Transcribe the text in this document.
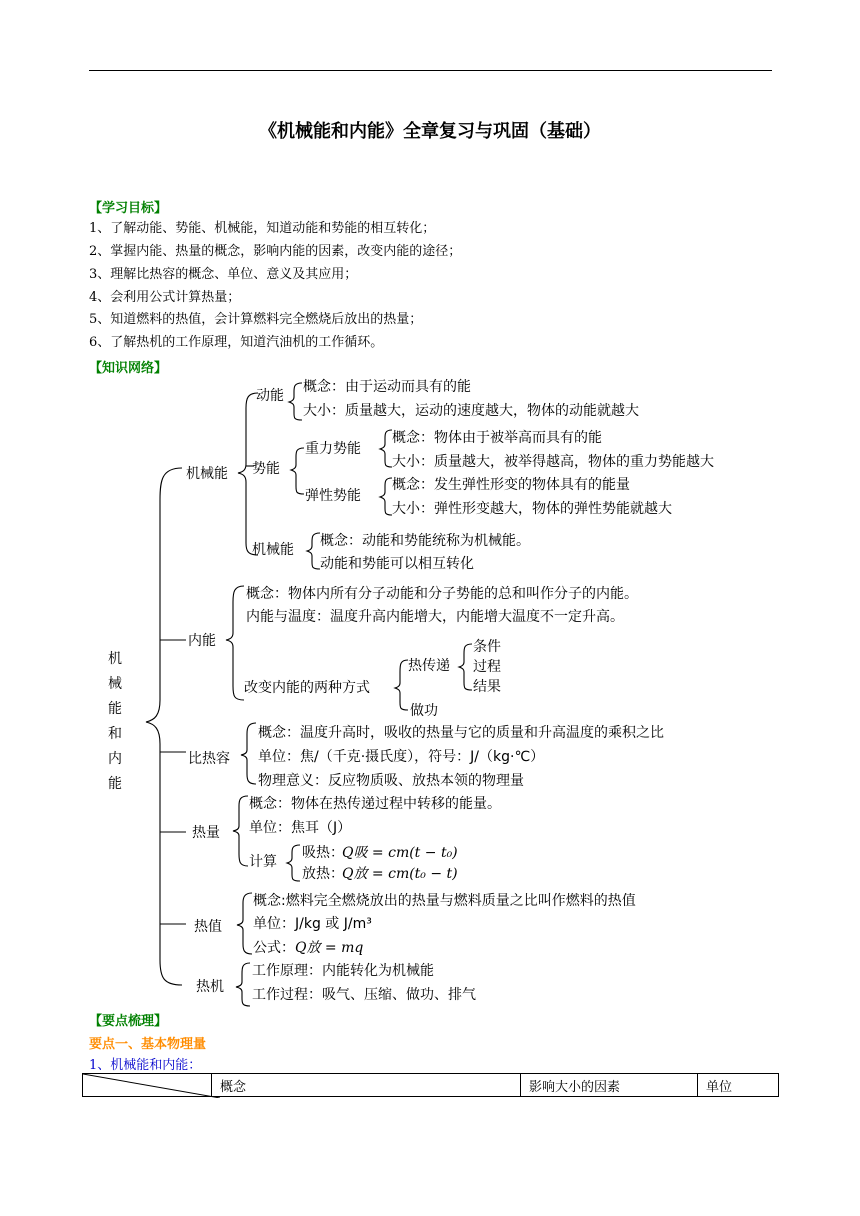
《机械能和内能》全章复习与巩固（基础）
【学习目标】
1、了解动能、势能、机械能，知道动能和势能的相互转化；
2、掌握内能、热量的概念，影响内能的因素，改变内能的途径；
3、理解比热容的概念、单位、意义及其应用；
4、会利用公式计算热量；
5、知道燃料的热值，会计算燃料完全燃烧后放出的热量；
6、了解热机的工作原理，知道汽油机的工作循环。
【知识网络】
机
械
能
和
内
能
机械能
动能
概念：由于运动而具有的能
大小：质量越大，运动的速度越大，物体的动能就越大
势能
重力势能
概念：物体由于被举高而具有的能
大小：质量越大，被举得越高，物体的重力势能越大
弹性势能
概念：发生弹性形变的物体具有的能量
大小：弹性形变越大，物体的弹性势能就越大
机械能
概念：动能和势能统称为机械能。
动能和势能可以相互转化
内能
概念：物体内所有分子动能和分子势能的总和叫作分子的内能。
内能与温度：温度升高内能增大，内能增大温度不一定升高。
改变内能的两种方式
热传递
条件
过程
结果
做功
比热容
概念：温度升高时，吸收的热量与它的质量和升高温度的乘积之比
单位：焦/（千克·摄氏度），符号：J/（kg·℃）
物理意义：反应物质吸、放热本领的物理量
热量
概念：物体在热传递过程中转移的能量。
单位：焦耳（J）
计算
吸热：
Q吸 = cm(t − t₀)
放热：
Q放 = cm(t₀ − t)
热值
概念:燃料完全燃烧放出的热量与燃料质量之比叫作燃料的热值
单位：J/kg 或 J/m³
公式： Q放 = mq
热机
工作原理：内能转化为机械能
工作过程：吸气、压缩、做功、排气
【要点梳理】
要点一、基本物理量
1、机械能和内能：
	概念	影响大小的因素	单位
